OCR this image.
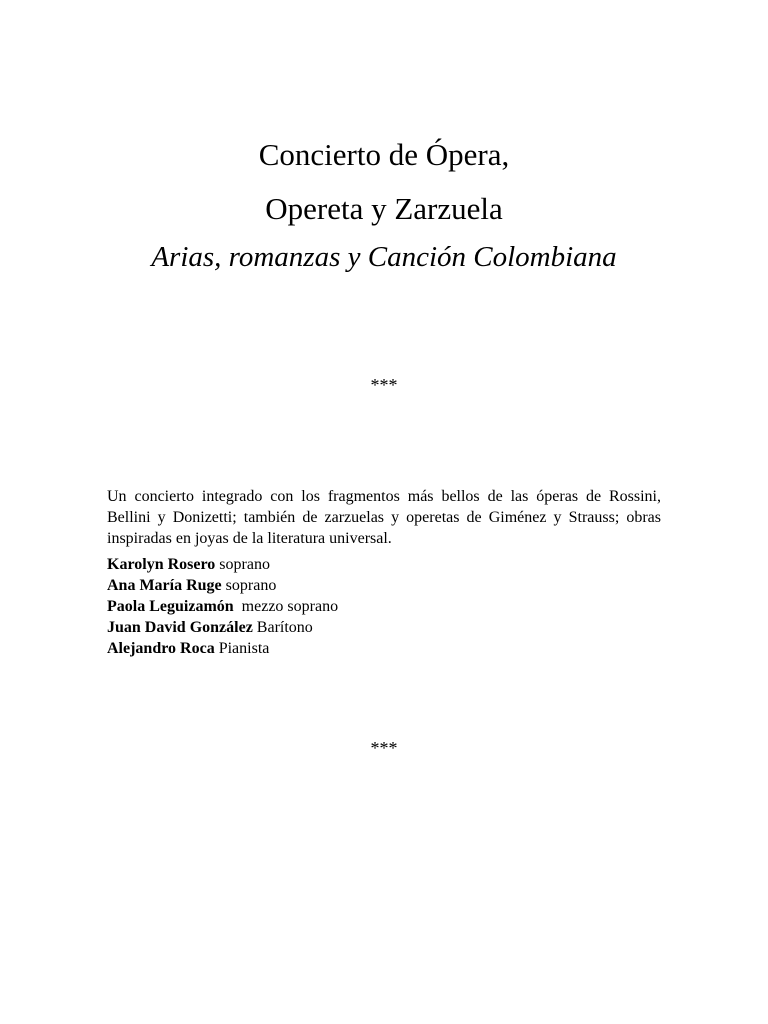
Concierto de Ópera,
Opereta y Zarzuela
Arias, romanzas y Canción Colombiana
***

Un concierto integrado con los fragmentos más bellos de las óperas de Rossini, Bellini y Donizetti; también de zarzuelas y operetas de Giménez y Strauss; obras inspiradas en joyas de la literatura universal.

Karolyn Rosero soprano
Ana María Ruge soprano
Paola Leguizamón  mezzo soprano
Juan David González Barítono
Alejandro Roca Pianista
***
